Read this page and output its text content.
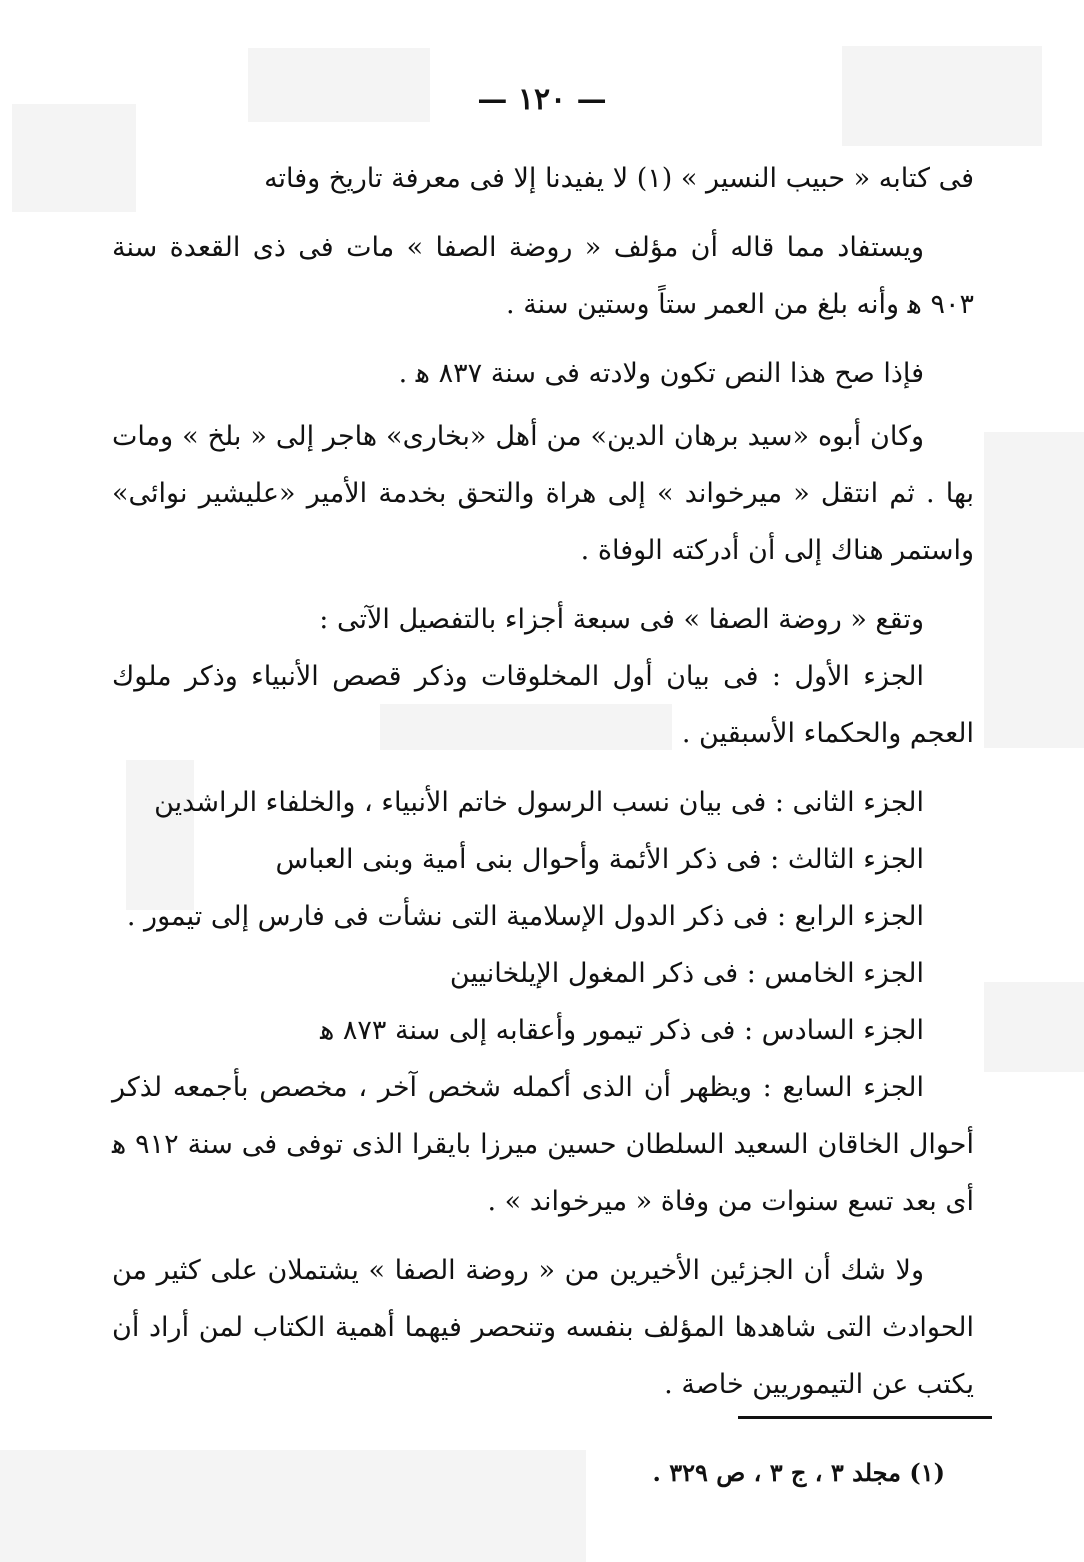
— ١٢٠ —

فى كتابه « حبيب النسير » (١) لا يفيدنا إلا فى معرفة تاريخ وفاته

ويستفاد مما قاله أن مؤلف « روضة الصفا » مات فى ذى القعدة سنة ٩٠٣ ﻫ وأنه بلغ من العمر ستاً وستين سنة .

فإذا صح هذا النص تكون ولادته فى سنة ٨٣٧ ﻫ .

وكان أبوه «سيد برهان الدين» من أهل «بخارى» هاجر إلى « بلخ » ومات بها . ثم انتقل « ميرخواند » إلى هراة والتحق بخدمة الأمير «عليشير نوائى» واستمر هناك إلى أن أدركته الوفاة .

وتقع « روضة الصفا » فى سبعة أجزاء بالتفصيل الآتى :

الجزء الأول : فى بيان أول المخلوقات وذكر قصص الأنبياء وذكر ملوك العجم والحكماء الأسبقين .

الجزء الثانى : فى بيان نسب الرسول خاتم الأنبياء ، والخلفاء الراشدين

الجزء الثالث : فى ذكر الأئمة وأحوال بنى أمية وبنى العباس

الجزء الرابع : فى ذكر الدول الإسلامية التى نشأت فى فارس إلى تيمور .

الجزء الخامس : فى ذكر المغول الإيلخانيين

الجزء السادس : فى ذكر تيمور وأعقابه إلى سنة ٨٧٣ ﻫ

الجزء السابع : ويظهر أن الذى أكمله شخص آخر ، مخصص بأجمعه لذكر أحوال الخاقان السعيد السلطان حسين ميرزا بايقرا الذى توفى فى سنة ٩١٢ ﻫ أى بعد تسع سنوات من وفاة « ميرخواند » .

ولا شك أن الجزئين الأخيرين من « روضة الصفا » يشتملان على كثير من الحوادث التى شاهدها المؤلف بنفسه وتنحصر فيهما أهمية الكتاب لمن أراد أن يكتب عن التيموريين خاصة .

(١) مجلد ٣ ، ج ٣ ، ص ٣٢٩ .
